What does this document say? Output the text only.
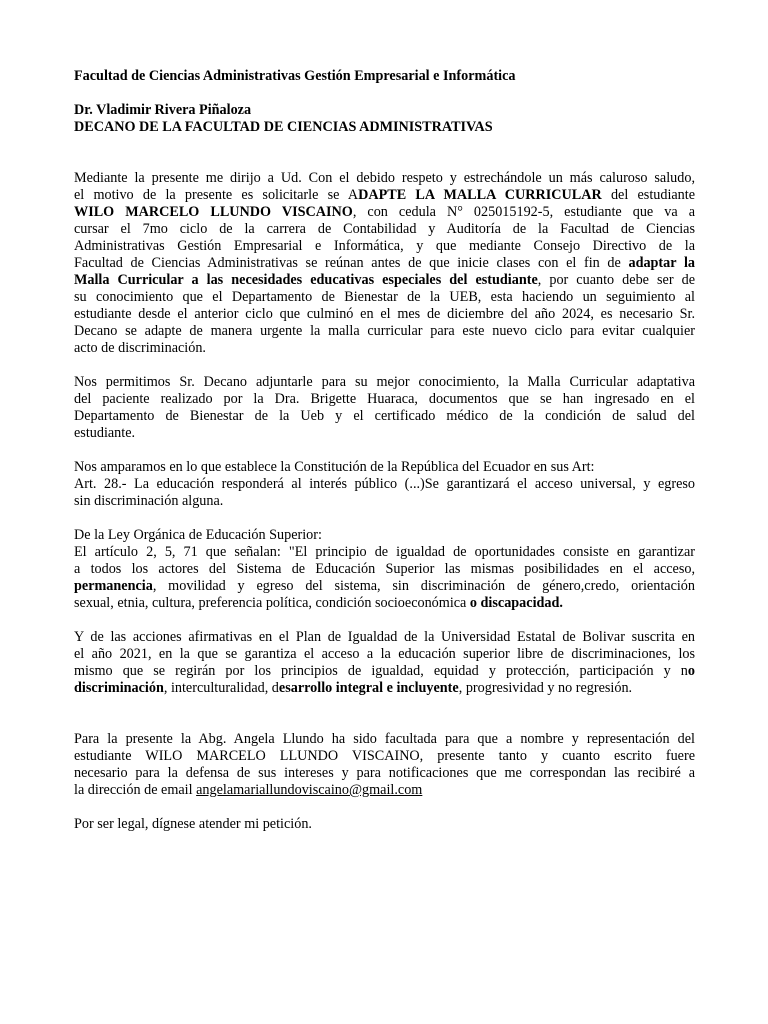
Facultad de Ciencias Administrativas Gestión Empresarial e Informática
Dr. Vladimir Rivera Piñaloza
DECANO DE LA FACULTAD DE CIENCIAS ADMINISTRATIVAS
Mediante la presente me dirijo a Ud. Con el debido respeto y estrechándole un más caluroso saludo,
el motivo de la presente es solicitarle se ADAPTE LA MALLA CURRICULAR del estudiante
WILO MARCELO LLUNDO VISCAINO, con cedula N° 025015192-5, estudiante que va a
cursar el 7mo ciclo de la carrera de Contabilidad y Auditoría de la Facultad de Ciencias
Administrativas Gestión Empresarial e Informática, y que mediante Consejo Directivo de la
Facultad de Ciencias Administrativas se reúnan antes de que inicie clases con el fin de adaptar la
Malla Curricular a las necesidades educativas especiales del estudiante, por cuanto debe ser de
su conocimiento que el Departamento de Bienestar de la UEB, esta haciendo un seguimiento al
estudiante desde el anterior ciclo que culminó en el mes de diciembre del año 2024, es necesario Sr.
Decano se adapte de manera urgente la malla curricular para este nuevo ciclo para evitar cualquier
acto de discriminación.
Nos permitimos Sr. Decano adjuntarle para su mejor conocimiento, la Malla Curricular adaptativa
del paciente realizado por la Dra. Brigette Huaraca, documentos que se han ingresado en el
Departamento de Bienestar de la Ueb y el certificado médico de la condición de salud del
estudiante.
Nos amparamos en lo que establece la Constitución de la República del Ecuador en sus Art:
Art. 28.- La educación responderá al interés público (...)Se garantizará el acceso universal, y egreso
sin discriminación alguna.
De la Ley Orgánica de Educación Superior:
El artículo 2, 5, 71 que señalan: "El principio de igualdad de oportunidades consiste en garantizar
a todos los actores del Sistema de Educación Superior las mismas posibilidades en el acceso,
permanencia, movilidad y egreso del sistema, sin discriminación de género,credo, orientación
sexual, etnia, cultura, preferencia política, condición socioeconómica o discapacidad.
Y de las acciones afirmativas en el Plan de Igualdad de la Universidad Estatal de Bolivar suscrita en
el año 2021, en la que se garantiza el acceso a la educación superior libre de discriminaciones, los
mismo que se regirán por los principios de igualdad, equidad y protección, participación y no
discriminación, interculturalidad, desarrollo integral e incluyente, progresividad y no regresión.
Para la presente la Abg. Angela Llundo ha sido facultada para que a nombre y representación del
estudiante WILO MARCELO LLUNDO VISCAINO, presente tanto y cuanto escrito fuere
necesario para la defensa de sus intereses y para notificaciones que me correspondan las recibiré a
la dirección de email angelamariallundoviscaino@gmail.com
Por ser legal, dígnese atender mi petición.
